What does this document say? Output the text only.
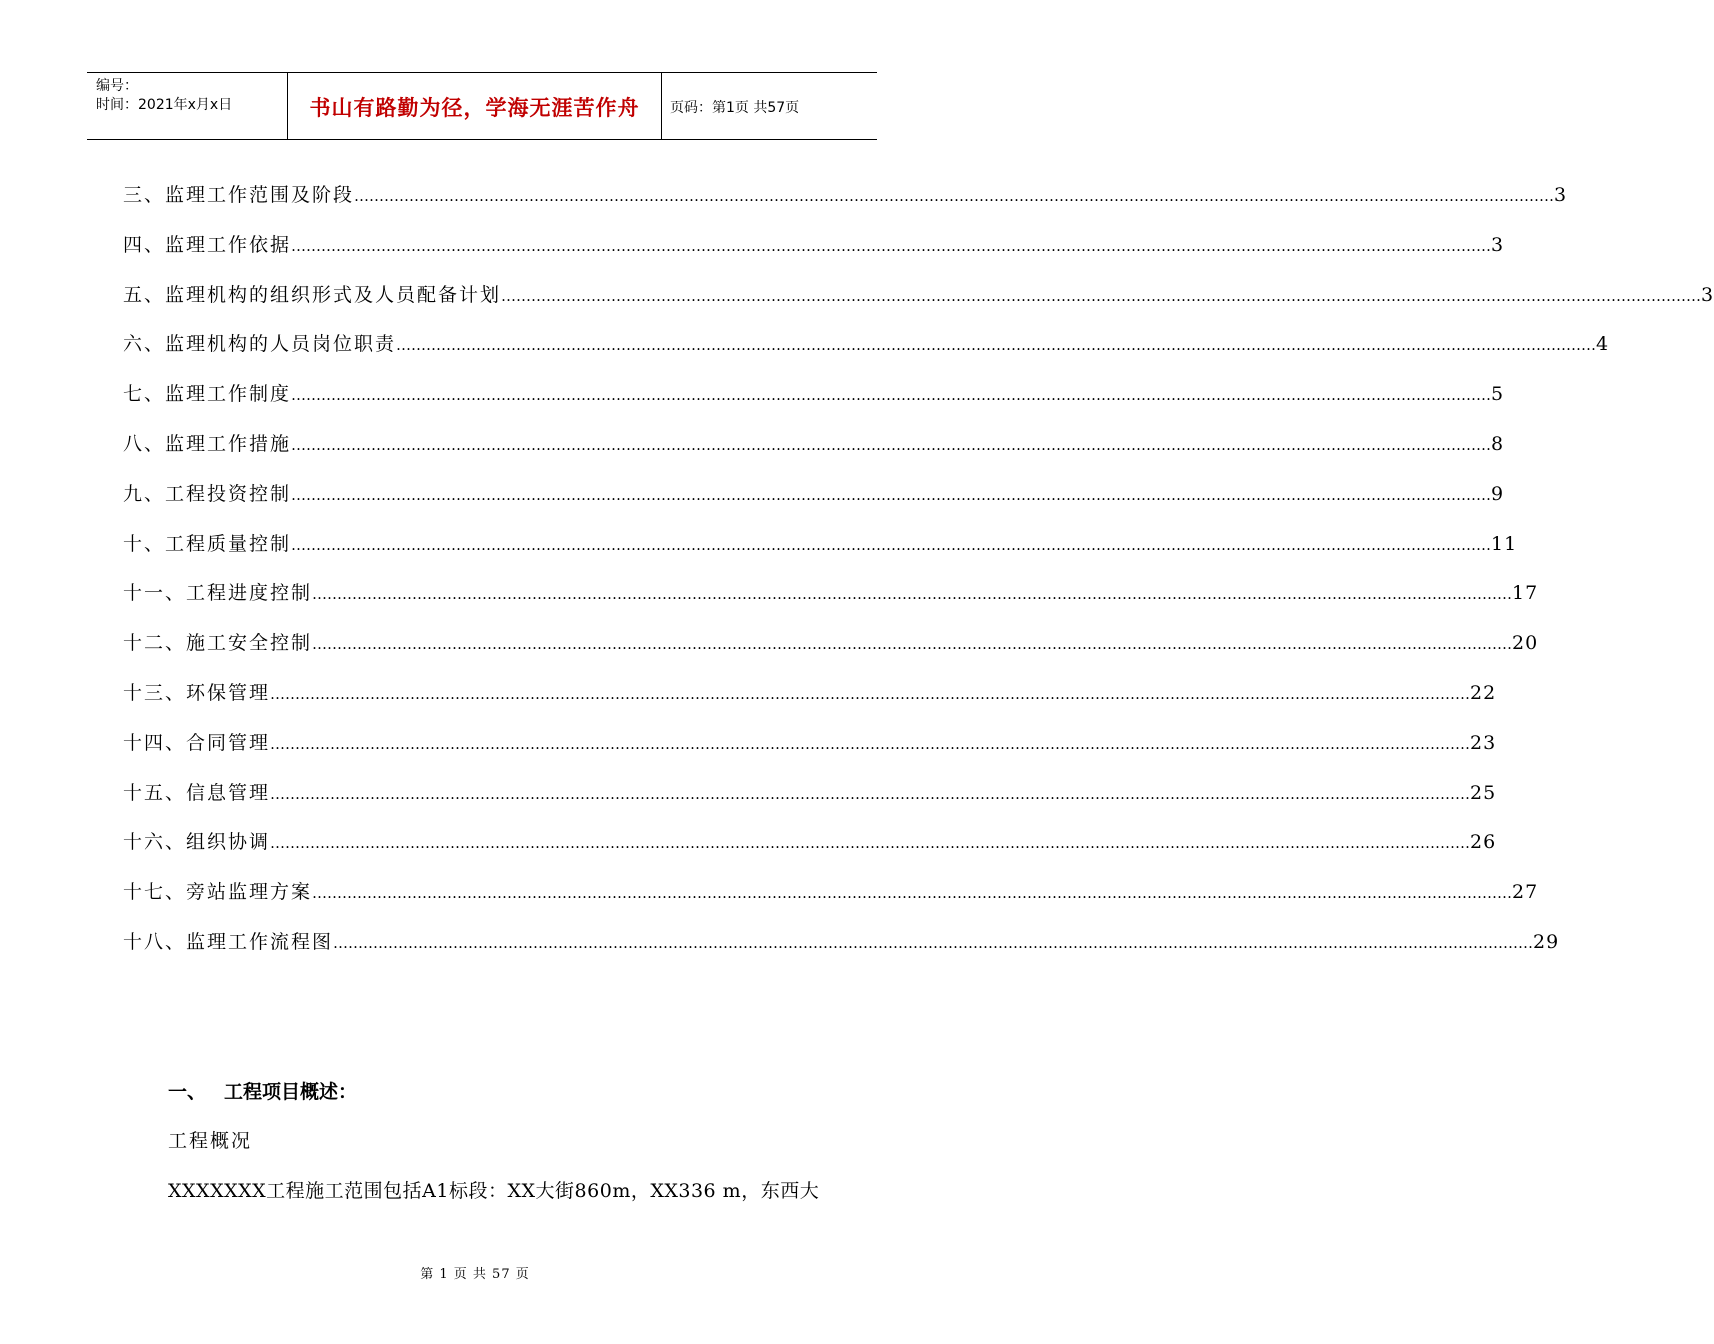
编号：
时间：2021年x月x日	书山有路勤为径，学海无涯苦作舟	页码：第1页 共57页
三、监理工作范围及阶段 …………………………………………………………………………………………………………………………………………………………………………………………………………………… 3
四、监理工作依据 …………………………………………………………………………………………………………………………………………………………………………………………………………………… 3
五、监理机构的组织形式及人员配备计划 …………………………………………………………………………………………………………………………………………………………………………………………………………………… 3
六、监理机构的人员岗位职责 …………………………………………………………………………………………………………………………………………………………………………………………………………………… 4
七、监理工作制度 …………………………………………………………………………………………………………………………………………………………………………………………………………………… 5
八、监理工作措施 …………………………………………………………………………………………………………………………………………………………………………………………………………………… 8
九、工程投资控制 …………………………………………………………………………………………………………………………………………………………………………………………………………………… 9
十、工程质量控制 …………………………………………………………………………………………………………………………………………………………………………………………………………………… 11
十一、工程进度控制 …………………………………………………………………………………………………………………………………………………………………………………………………………………… 17
十二、施工安全控制 …………………………………………………………………………………………………………………………………………………………………………………………………………………… 20
十三、环保管理 …………………………………………………………………………………………………………………………………………………………………………………………………………………… 22
十四、合同管理 …………………………………………………………………………………………………………………………………………………………………………………………………………………… 23
十五、信息管理 …………………………………………………………………………………………………………………………………………………………………………………………………………………… 25
十六、组织协调 …………………………………………………………………………………………………………………………………………………………………………………………………………………… 26
十七、旁站监理方案 …………………………………………………………………………………………………………………………………………………………………………………………………………………… 27
十八、监理工作流程图 …………………………………………………………………………………………………………………………………………………………………………………………………………………… 29
一、 工程项目概述：
工程概况
XXXXXXX工程施工范围包括A1标段：XX大街860m，XX336 m，东西大
第 1 页 共 57 页
